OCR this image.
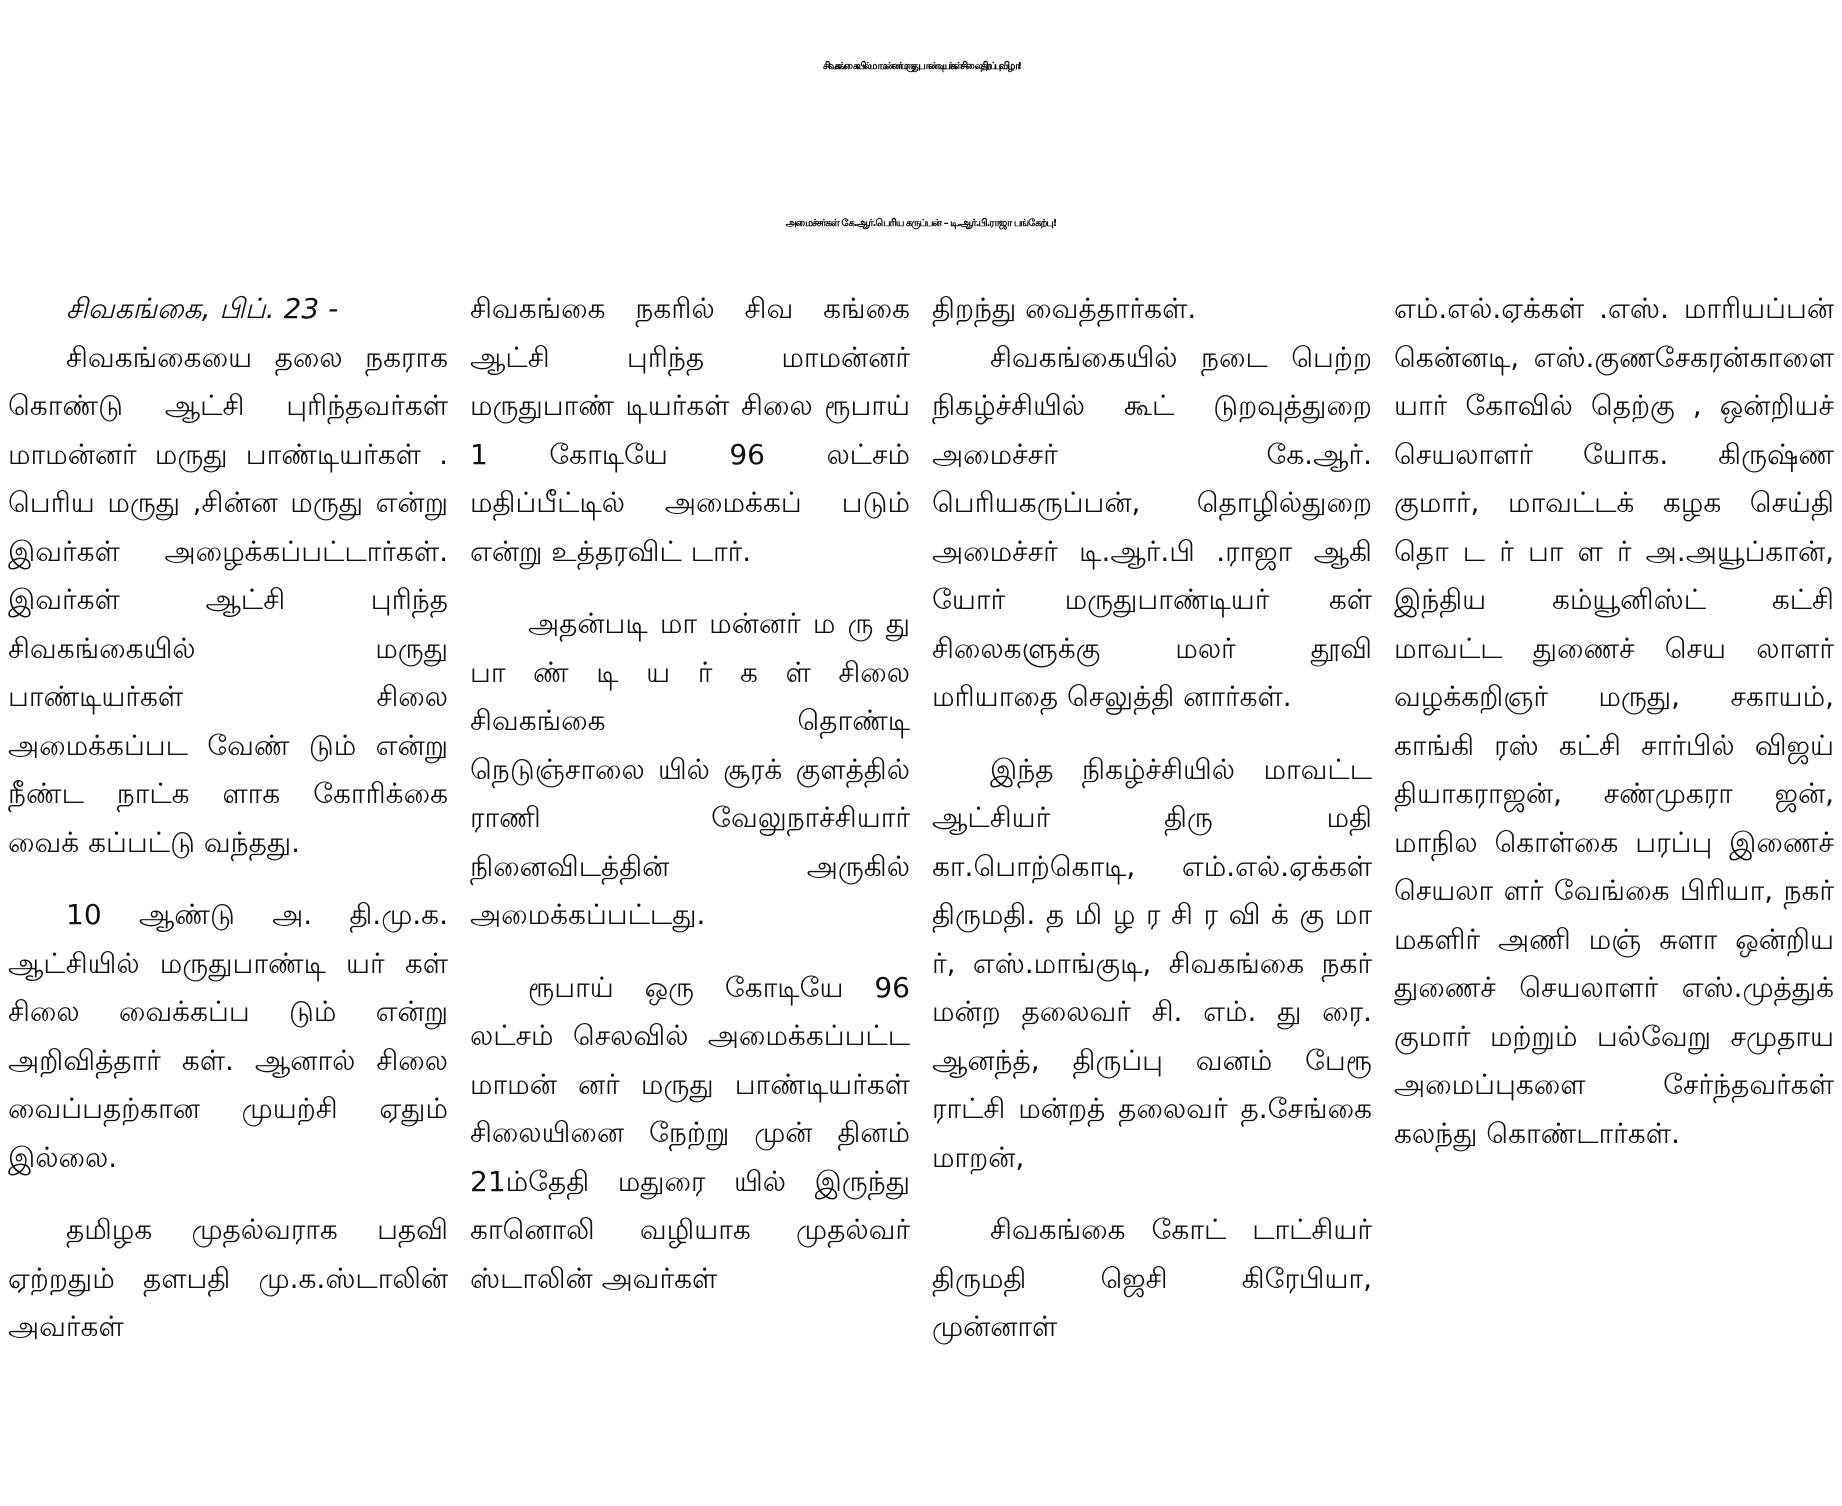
சிவகங்கையில் மாமன்னர் மருது பாண்டியர்கள் சிலை திறப்பு விழா!
அமைச்சர்கள் கே.ஆர்.பெரிய கருப்பன் – டி.ஆர்.பி.ராஜா பங்கேற்பு!

சிவகங்கை, பிப். 23 -

சிவகங்கையை தலை நகராக கொண்டு ஆட்சி புரிந்தவர்கள் மாமன்னர் மருது பாண்டியர்கள் . பெரிய மருது ,சின்ன மருது என்று இவர்கள் அழைக்கப்பட்டார்கள். இவர்கள் ஆட்சி புரிந்த சிவகங்கையில் மருது பாண்டியர்கள் சிலை அமைக்கப்பட வேண் டும் என்று நீண்ட நாட்க ளாக கோரிக்கை வைக் கப்பட்டு வந்தது.

10 ஆண்டு அ. தி.மு.க. ஆட்சியில் மருதுபாண்டி யர் கள் சிலை வைக்கப்ப டும் என்று அறிவித்தார் கள். ஆனால் சிலை வைப்பதற்கான முயற்சி ஏதும் இல்லை.

தமிழக முதல்வராக பதவி ஏற்றதும் தளபதி மு.க.ஸ்டாலின் அவர்கள்

சிவகங்கை நகரில் சிவ கங்கை ஆட்சி புரிந்த மாமன்னர் மருதுபாண் டியர்கள் சிலை ரூபாய் 1 கோடியே 96 லட்சம் மதிப்பீட்டில் அமைக்கப் படும் என்று உத்தரவிட் டார்.

அதன்படி மா மன்னர் ம ரு து பா ண் டி ய ர் க ள் சிலை சிவகங்கை தொண்டி நெடுஞ்சாலை யில் சூரக் குளத்தில் ராணி வேலுநாச்சியார் நினைவிடத்தின் அருகில் அமைக்கப்பட்டது.

ரூபாய் ஒரு கோடியே 96 லட்சம் செலவில் அமைக்கப்பட்ட மாமன் னர் மருது பாண்டியர்கள் சிலையினை நேற்று முன் தினம் 21ம்தேதி மதுரை யில் இருந்து கானொலி வழியாக முதல்வர் ஸ்டாலின் அவர்கள்

திறந்து வைத்தார்கள்.

சிவகங்கையில் நடை பெற்ற நிகழ்ச்சியில் கூட் டுறவுத்துறை அமைச்சர் கே.ஆர். பெரியகருப்பன், தொழில்துறை அமைச்சர் டி.ஆர்.பி .ராஜா ஆகி யோர் மருதுபாண்டியர் கள் சிலைகளுக்கு மலர் தூவி மரியாதை செலுத்தி னார்கள்.

இந்த நிகழ்ச்சியில் மாவட்ட ஆட்சியர் திரு மதி கா.பொற்கொடி, எம்.எல்.ஏக்கள் திருமதி. த மி ழ ர சி ர வி க் கு மா ர், எஸ்.மாங்குடி, சிவகங்கை நகர் மன்ற தலைவர் சி. எம். து ரை. ஆனந்த், திருப்பு வனம் பேரூ ராட்சி மன்றத் தலைவர் த.சேங்கை மாறன்,

சிவகங்கை கோட் டாட்சியர் திருமதி ஜெசி கிரேபியா, முன்னாள்

எம்.எல்.ஏக்கள் .எஸ். மாரியப்பன் கென்னடி, எஸ்.குணசேகரன்காளை யார் கோவில் தெற்கு , ஒன்றியச் செயலாளர் யோக. கிருஷ்ண குமார், மாவட்டக் கழக செய்தி தொ ட ர் பா ள ர் அ.அயூப்கான், இந்திய கம்யூனிஸ்ட் கட்சி மாவட்ட துணைச் செய லாளர் வழக்கறிஞர் மருது, சகாயம், காங்கி ரஸ் கட்சி சார்பில் விஜய் தியாகராஜன், சண்முகரா ஜன், மாநில கொள்கை பரப்பு இணைச் செயலா ளர் வேங்கை பிரியா, நகர் மகளிர் அணி மஞ் சுளா ஒன்றிய துணைச் செயலாளர் எஸ்.முத்துக் குமார் மற்றும் பல்வேறு சமுதாய அமைப்புகளை சேர்ந்தவர்கள் கலந்து கொண்டார்கள்.
